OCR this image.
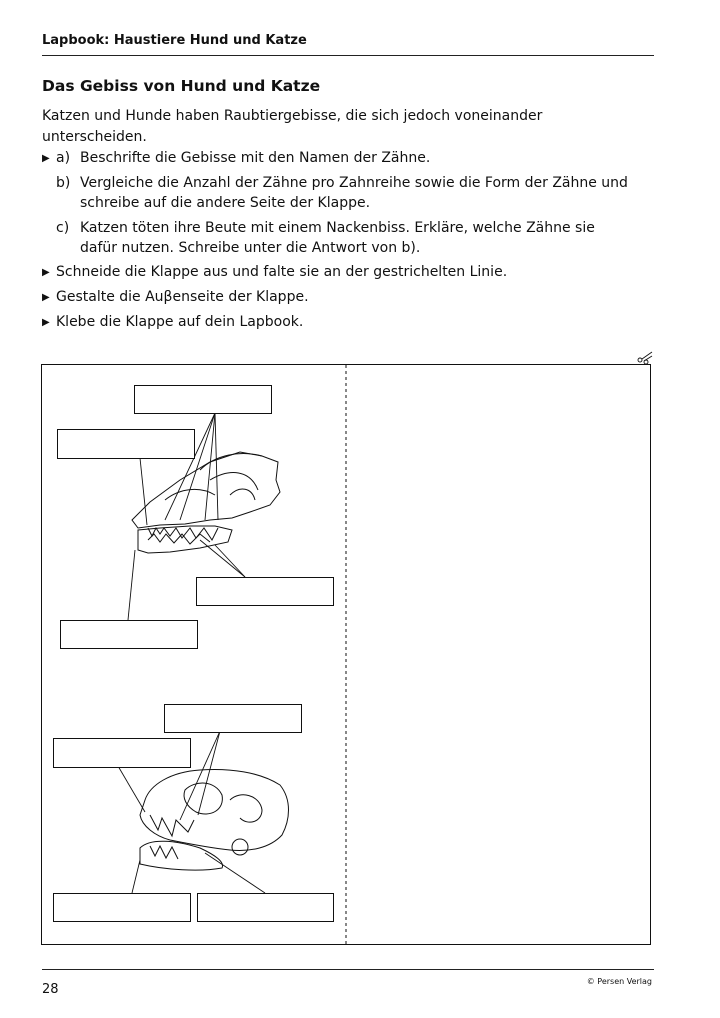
Lapbook: Haustiere Hund und Katze
Das Gebiss von Hund und Katze
Katzen und Hunde haben Raubtiergebisse, die sich jedoch voneinander unterscheiden.
▶ a) Beschrifte die Gebisse mit den Namen der Zähne.
b) Vergleiche die Anzahl der Zähne pro Zahnreihe sowie die Form der Zähne und
schreibe auf die andere Seite der Klappe.
c) Katzen töten ihre Beute mit einem Nackenbiss. Erkläre, welche Zähne sie
dafür nutzen. Schreibe unter die Antwort von b).
▶ Schneide die Klappe aus und falte sie an der gestrichelten Linie.
▶ Gestalte die Auβenseite der Klappe.
▶ Klebe die Klappe auf dein Lapbook.
28
© Persen Verlag
